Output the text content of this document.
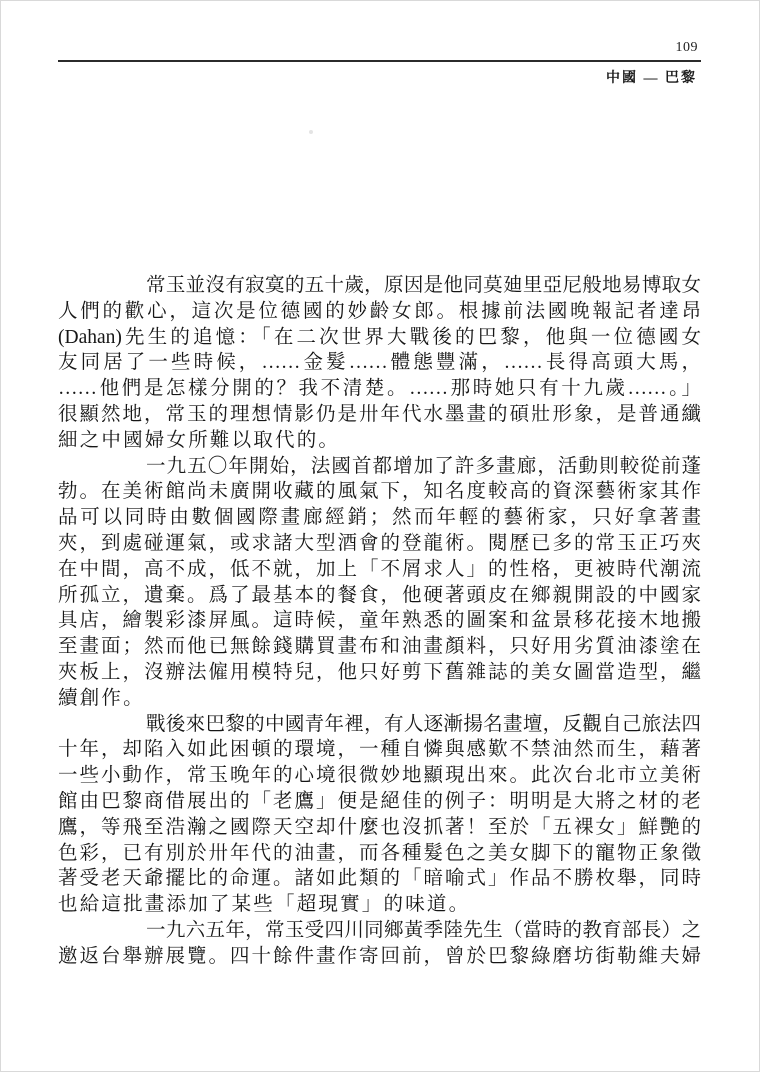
109
中國 — 巴黎
常玉並沒有寂寞的五十歲，原因是他同莫廸里亞尼般地易博取女
人們的歡心，這次是位德國的妙齡女郎。根據前法國晚報記者達昂
(Dahan)先生的追憶：「在二次世界大戰後的巴黎，他與一位德國女
友同居了一些時候，……金髮……體態豐滿，……長得高頭大馬，
……他們是怎樣分開的？我不清楚。……那時她只有十九歲……。」
很顯然地，常玉的理想情影仍是卅年代水墨畫的碩壯形象，是普通纖
細之中國婦女所難以取代的。
一九五〇年開始，法國首都增加了許多畫廊，活動則較從前蓬
勃。在美術館尚未廣開收藏的風氣下，知名度較高的資深藝術家其作
品可以同時由數個國際畫廊經銷；然而年輕的藝術家，只好拿著畫
夾，到處碰運氣，或求諸大型酒會的登龍術。閱歷已多的常玉正巧夾
在中間，高不成，低不就，加上「不屑求人」的性格，更被時代潮流
所孤立，遺棄。爲了最基本的餐食，他硬著頭皮在鄉親開設的中國家
具店，繪製彩漆屏風。這時候，童年熟悉的圖案和盆景移花接木地搬
至畫面；然而他已無餘錢購買畫布和油畫顏料，只好用劣質油漆塗在
夾板上，沒辦法僱用模特兒，他只好剪下舊雜誌的美女圖當造型，繼
續創作。
戰後來巴黎的中國青年裡，有人逐漸揚名畫壇，反觀自己旅法四
十年，却陷入如此困頓的環境，一種自憐與感歎不禁油然而生，藉著
一些小動作，常玉晚年的心境很微妙地顯現出來。此次台北市立美術
館由巴黎商借展出的「老鷹」便是絕佳的例子：明明是大將之材的老
鷹，等飛至浩瀚之國際天空却什麼也沒抓著！至於「五裸女」鮮艷的
色彩，已有別於卅年代的油畫，而各種髮色之美女脚下的寵物正象徵
著受老天爺擺比的命運。諸如此類的「暗喻式」作品不勝枚舉，同時
也給這批畫添加了某些「超現實」的味道。
一九六五年，常玉受四川同鄉黃季陸先生（當時的教育部長）之
邀返台舉辦展覽。四十餘件畫作寄回前，曾於巴黎綠磨坊街勒維夫婦
